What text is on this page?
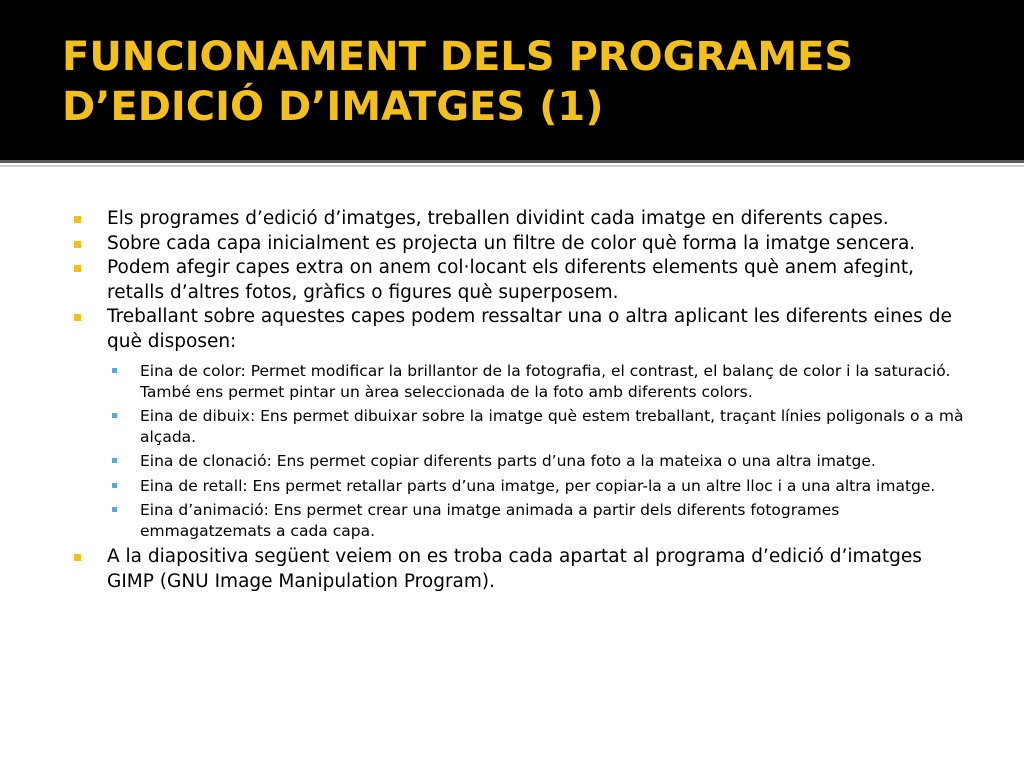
FUNCIONAMENT DELS PROGRAMES
D’EDICIÓ D’IMATGES (1)
Els programes d’edició d’imatges, treballen dividint cada imatge en diferents capes.
Sobre cada capa inicialment es projecta un filtre de color què forma la imatge sencera.
Podem afegir capes extra on anem col·locant els diferents elements què anem afegint, retalls d’altres fotos, gràfics o figures què superposem.
Treballant sobre aquestes capes podem ressaltar una o altra aplicant les diferents eines de què disposen:
Eina de color: Permet modificar la brillantor de la fotografia, el contrast, el balanç de color i la saturació. També ens permet pintar un àrea seleccionada de la foto amb diferents colors.
Eina de dibuix: Ens permet dibuixar sobre la imatge què estem treballant, traçant línies poligonals o a mà alçada.
Eina de clonació: Ens permet copiar diferents parts d’una foto a la mateixa o una altra imatge.
Eina de retall: Ens permet retallar parts d’una imatge, per copiar-la a un altre lloc i a una altra imatge.
Eina d’animació: Ens permet crear una imatge animada a partir dels diferents fotogrames emmagatzemats a cada capa.
A la diapositiva següent veiem on es troba cada apartat al programa d’edició d’imatges GIMP (GNU Image Manipulation Program).
